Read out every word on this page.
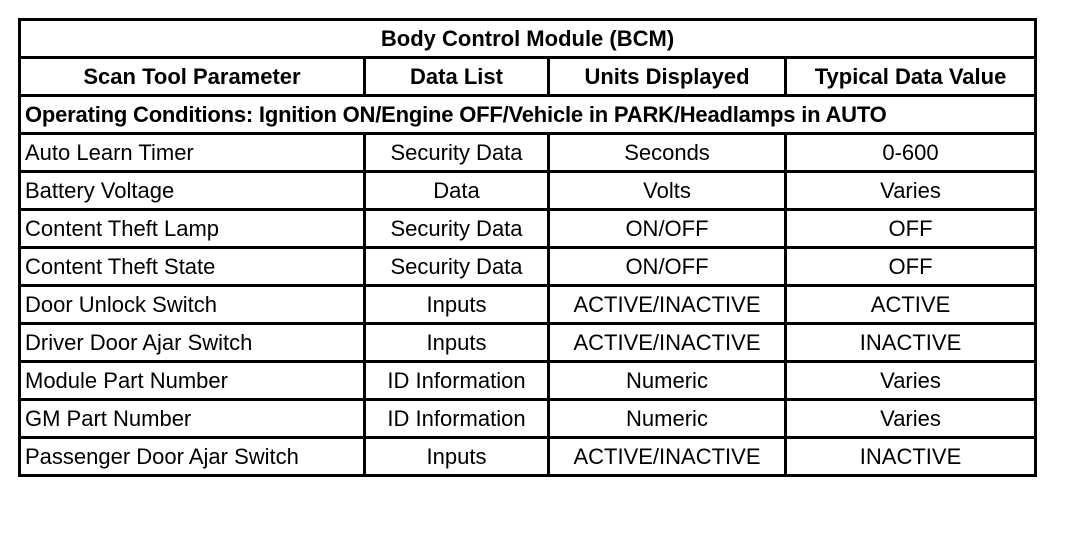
Body Control Module (BCM)			
Scan Tool Parameter	Data List	Units Displayed	Typical Data Value
Operating Conditions: Ignition ON/Engine OFF/Vehicle in PARK/Headlamps in AUTO			
Auto Learn Timer	Security Data	Seconds	0-600
Battery Voltage	Data	Volts	Varies
Content Theft Lamp	Security Data	ON/OFF	OFF
Content Theft State	Security Data	ON/OFF	OFF
Door Unlock Switch	Inputs	ACTIVE/INACTIVE	ACTIVE
Driver Door Ajar Switch	Inputs	ACTIVE/INACTIVE	INACTIVE
Module Part Number	ID Information	Numeric	Varies
GM Part Number	ID Information	Numeric	Varies
Passenger Door Ajar Switch	Inputs	ACTIVE/INACTIVE	INACTIVE
